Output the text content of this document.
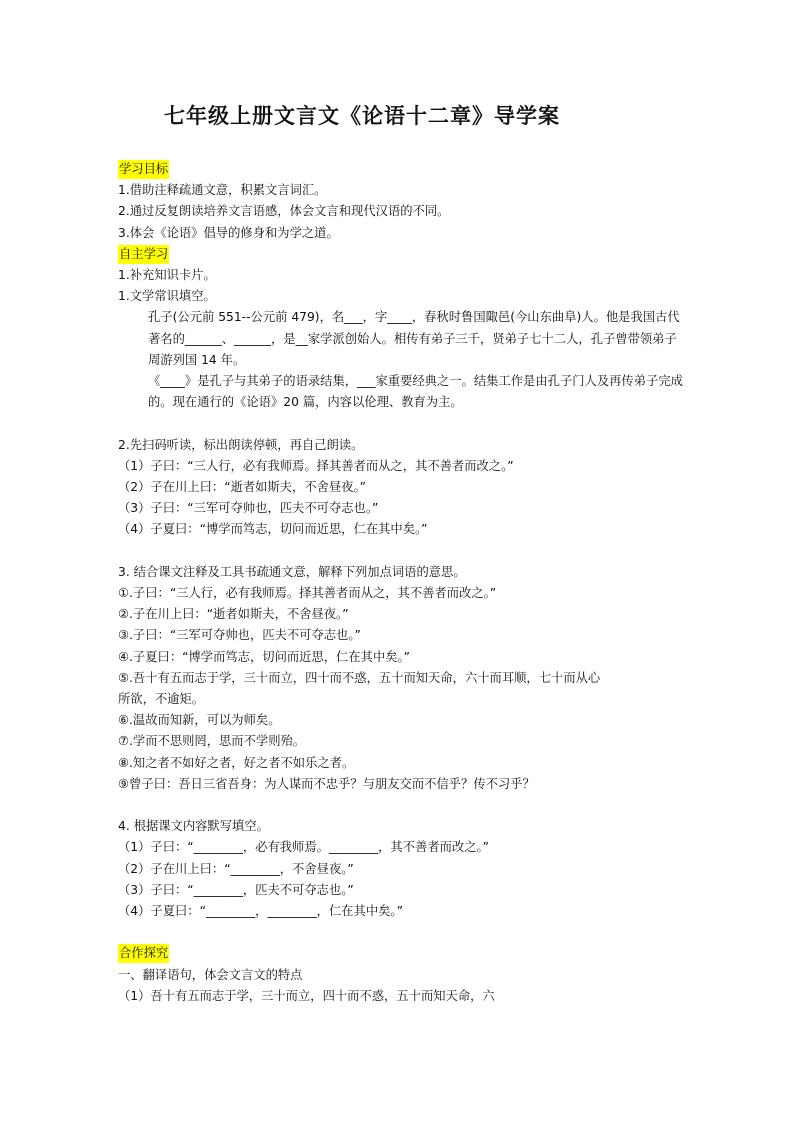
七年级上册文言文《论语十二章》导学案
学习目标
1.借助注释疏通文意，积累文言词汇。
2.通过反复朗读培养文言语感，体会文言和现代汉语的不同。
3.体会《论语》倡导的修身和为学之道。
自主学习
1.补充知识卡片。
1.文学常识填空。
孔子(公元前 551--公元前 479)，名___，字____，春秋时鲁国陬邑(今山东曲阜)人。他是我国古代著名的______、______，是__家学派创始人。相传有弟子三千，贤弟子七十二人，孔子曾带领弟子周游列国 14 年。
《____》是孔子与其弟子的语录结集，___家重要经典之一。结集工作是由孔子门人及再传弟子完成的。现在通行的《论语》20 篇，内容以伦理、教育为主。
2.先扫码听读，标出朗读停顿，再自己朗读。
（1）子曰：“三人行，必有我师焉。择其善者而从之，其不善者而改之。”
（2）子在川上曰：“逝者如斯夫，不舍昼夜。”
（3）子曰：“三军可夺帅也，匹夫不可夺志也。”
（4）子夏曰：“博学而笃志，切问而近思，仁在其中矣。”
3. 结合课文注释及工具书疏通文意，解释下列加点词语的意思。
①.子曰：“三人行，必有我师焉。择其善者而从之，其不善者而改之。”
②.子在川上曰：“逝者如斯夫，不舍昼夜。”
③.子曰：“三军可夺帅也，匹夫不可夺志也。”
④.子夏曰：“博学而笃志，切问而近思，仁在其中矣。”
⑤.吾十有五而志于学，三十而立，四十而不惑，五十而知天命，六十而耳顺，七十而从心
所欲，不逾矩。
⑥.温故而知新，可以为师矣。
⑦.学而不思则罔，思而不学则殆。
⑧.知之者不如好之者，好之者不如乐之者。
⑨曾子曰：吾日三省吾身：为人谋而不忠乎？与朋友交而不信乎？传不习乎？
4. 根据课文内容默写填空。
（1）子曰：“________，必有我师焉。________，其不善者而改之。”
（2）子在川上曰：“________，不舍昼夜。”
（3）子曰：“________，匹夫不可夺志也。”
（4）子夏曰：“________，________，仁在其中矣。”
合作探究
一、翻译语句，体会文言文的特点
（1）吾十有五而志于学，三十而立，四十而不惑，五十而知天命，六
